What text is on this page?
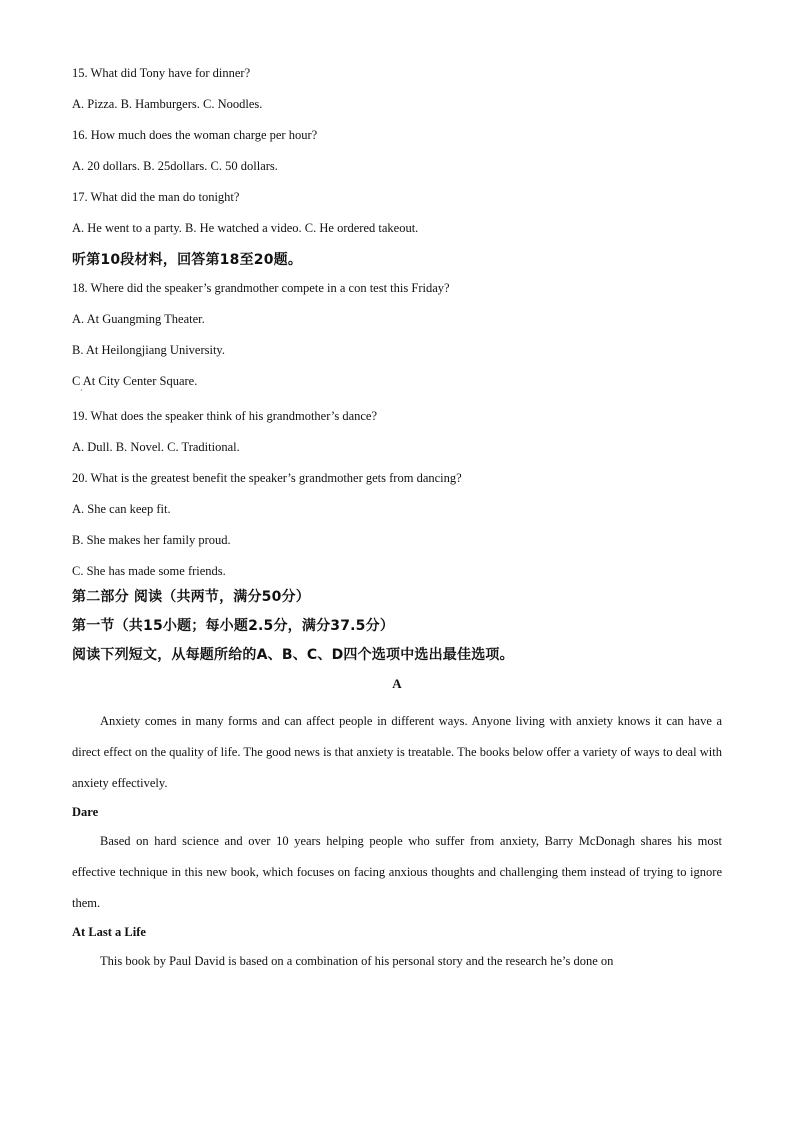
15. What did Tony have for dinner?
A. Pizza. B. Hamburgers. C. Noodles.
16. How much does the woman charge per hour?
A. 20 dollars. B. 25dollars. C. 50 dollars.
17. What did the man do tonight?
A. He went to a party. B. He watched a video. C. He ordered takeout.
听第10段材料，回答第18至20题。
18. Where did the speaker’s grandmother compete in a con test this Friday?
A. At Guangming Theater.
B. At Heilongjiang University.
C At City Center Square.
·
19. What does the speaker think of his grandmother’s dance?
A. Dull. B. Novel. C. Traditional.
20. What is the greatest benefit the speaker’s grandmother gets from dancing?
A. She can keep fit.
B. She makes her family proud.
C. She has made some friends.
第二部分 阅读（共两节，满分50分）
第一节（共15小题；每小题2.5分，满分37.5分）
阅读下列短文，从每题所给的A、B、C、D四个选项中选出最佳选项。
A

Anxiety comes in many forms and can affect people in different ways. Anyone living with anxiety knows it can have a direct effect on the quality of life. The good news is that anxiety is treatable. The books below offer a variety of ways to deal with anxiety effectively.

Dare

Based on hard science and over 10 years helping people who suffer from anxiety, Barry McDonagh shares his most effective technique in this new book, which focuses on facing anxious thoughts and challenging them instead of trying to ignore them.

At Last a Life

This book by Paul David is based on a combination of his personal story and the research he’s done on
